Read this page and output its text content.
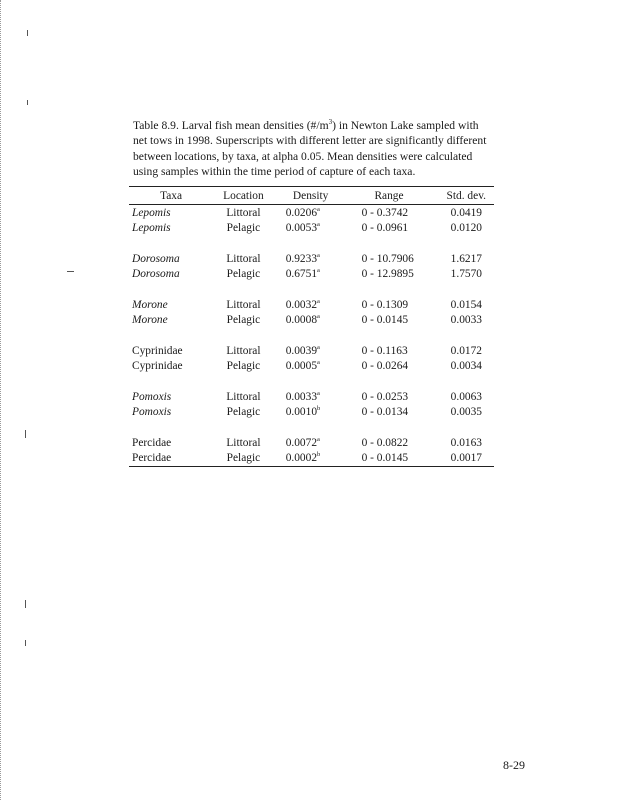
Table 8.9. Larval fish mean densities $(\#/m^3)$ in Newton Lake sampled with net tows in 1998. Superscripts with different letter are significantly different between locations, by taxa, at alpha 0.05. Mean densities were calculated using samples within the time period of capture of each taxa.
Taxa	Location	Density	Range	Std. dev.
Lepomis	Littoral	0.0206$^a$	0 - 0.3742	0.0419
Lepomis	Pelagic	0.0053$^a$	0 - 0.0961	0.0120

Dorosoma	Littoral	0.9233$^a$	0 - 10.7906	1.6217
Dorosoma	Pelagic	0.6751$^a$	0 - 12.9895	1.7570

Morone	Littoral	0.0032$^a$	0 - 0.1309	0.0154
Morone	Pelagic	0.0008$^a$	0 - 0.0145	0.0033

Cyprinidae	Littoral	0.0039$^a$	0 - 0.1163	0.0172
Cyprinidae	Pelagic	0.0005$^a$	0 - 0.0264	0.0034

Pomoxis	Littoral	0.0033$^a$	0 - 0.0253	0.0063
Pomoxis	Pelagic	0.0010$^b$	0 - 0.0134	0.0035

Percidae	Littoral	0.0072$^a$	0 - 0.0822	0.0163
Percidae	Pelagic	0.0002$^b$	0 - 0.0145	0.0017
8-29
